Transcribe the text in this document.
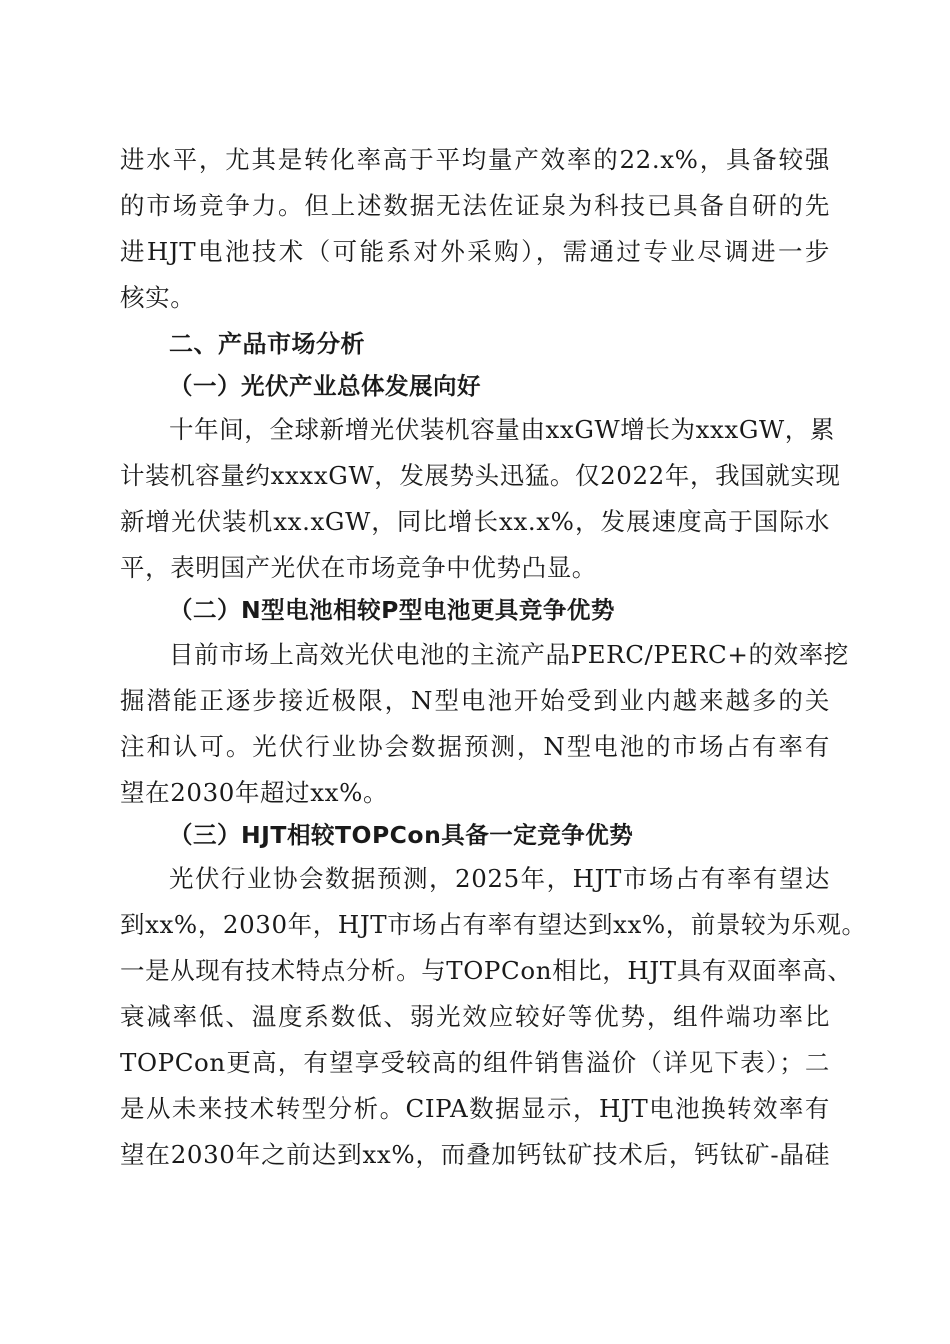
进水平，尤其是转化率高于平均量产效率的22.x%，具备较强
的市场竞争力。但上述数据无法佐证泉为科技已具备自研的先
进HJT电池技术（可能系对外采购），需通过专业尽调进一步
核实。
二、产品市场分析
（一）光伏产业总体发展向好
十年间，全球新增光伏装机容量由xxGW增长为xxxGW，累
计装机容量约xxxxGW，发展势头迅猛。仅2022年，我国就实现
新增光伏装机xx.xGW，同比增长xx.x%，发展速度高于国际水
平，表明国产光伏在市场竞争中优势凸显。
（二）N型电池相较P型电池更具竞争优势
目前市场上高效光伏电池的主流产品PERC/PERC+的效率挖
掘潜能正逐步接近极限，N型电池开始受到业内越来越多的关
注和认可。光伏行业协会数据预测，N型电池的市场占有率有
望在2030年超过xx%。
（三）HJT相较TOPCon具备一定竞争优势
光伏行业协会数据预测，2025年，HJT市场占有率有望达
到xx%，2030年，HJT市场占有率有望达到xx%，前景较为乐观。
一是从现有技术特点分析。与TOPCon相比，HJT具有双面率高、
衰减率低、温度系数低、弱光效应较好等优势，组件端功率比
TOPCon更高，有望享受较高的组件销售溢价（详见下表）；二
是从未来技术转型分析。CIPA数据显示，HJT电池换转效率有
望在2030年之前达到xx%，而叠加钙钛矿技术后，钙钛矿-晶硅
